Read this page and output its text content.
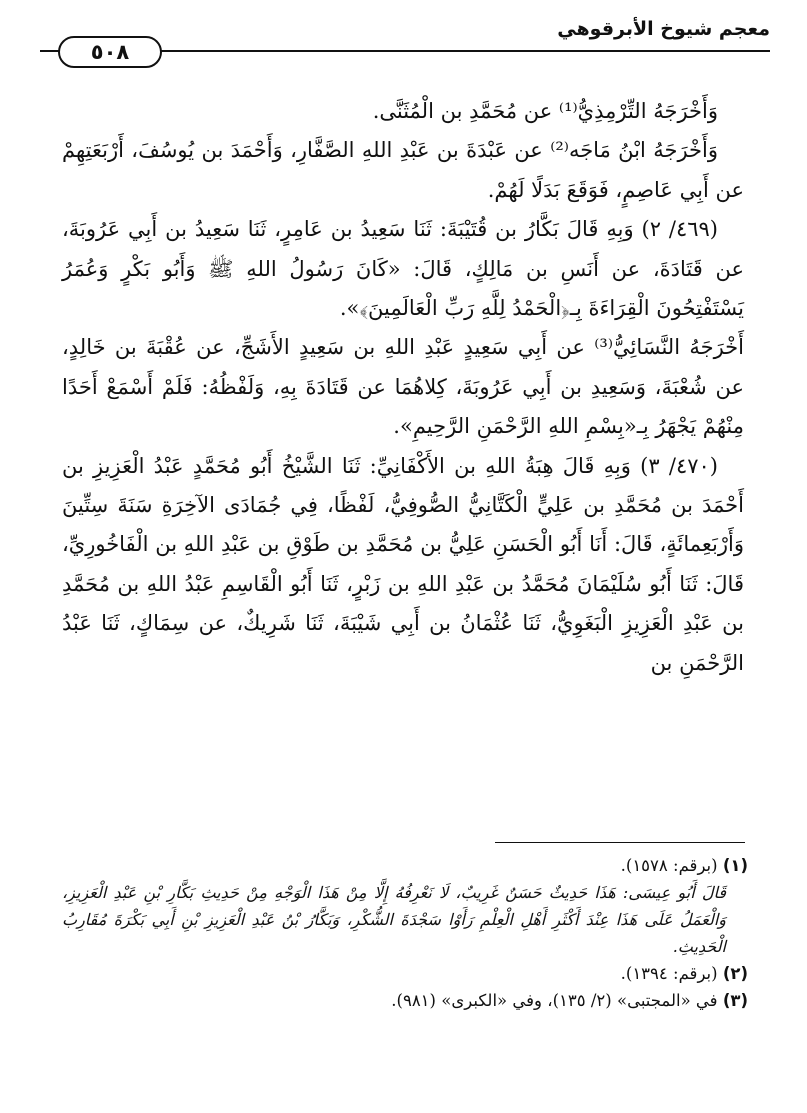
معجم شيوخ الأبرقوهي
٥٠٨

وَأَخْرَجَهُ التِّرْمِذِيُّ⁽¹⁾ عن مُحَمَّدِ بن الْمُثَنَّى.

وَأَخْرَجَهُ ابْنُ مَاجَه⁽²⁾ عن عَبْدَةَ بن عَبْدِ اللهِ الصَّفَّارِ، وَأَحْمَدَ بن يُوسُفَ، أَرْبَعَتِهِمْ عن أَبِي عَاصِمٍ، فَوَقَعَ بَدَلًا لَهُمْ.

(٤٦٩/ ٢) وَبِهِ قَالَ بَكَّارُ بن قُتَيْبَةَ: ثَنَا سَعِيدُ بن عَامِرٍ، ثَنَا سَعِيدُ بن أَبِي عَرُوبَةَ، عن قَتَادَةَ، عن أَنَسِ بن مَالِكٍ، قَالَ: «كَانَ رَسُولُ اللهِ ﷺ وَأَبُو بَكْرٍ وَعُمَرُ يَسْتَفْتِحُونَ الْقِرَاءَةَ بِـ﴿الْحَمْدُ لِلَّهِ رَبِّ الْعَالَمِينَ﴾».

أَخْرَجَهُ النَّسَائِيُّ⁽³⁾ عن أَبِي سَعِيدٍ عَبْدِ اللهِ بن سَعِيدٍ الأَشَجِّ، عن عُقْبَةَ بن خَالِدٍ، عن شُعْبَةَ، وَسَعِيدِ بن أَبِي عَرُوبَةَ، كِلاهُمَا عن قَتَادَةَ بِهِ، وَلَفْظُهُ: فَلَمْ أَسْمَعْ أَحَدًا مِنْهُمْ يَجْهَرُ بِـ«بِسْمِ اللهِ الرَّحْمَنِ الرَّحِيمِ».

(٤٧٠/ ٣) وَبِهِ قَالَ هِبَةُ اللهِ بن الأَكْفَانِيِّ: ثَنَا الشَّيْخُ أَبُو مُحَمَّدٍ عَبْدُ الْعَزِيزِ بن أَحْمَدَ بن مُحَمَّدِ بن عَلِيٍّ الْكَتَّانِيُّ الصُّوفِيُّ، لَفْظًا، فِي جُمَادَى الآخِرَةِ سَنَةَ سِتِّينَ وَأَرْبَعِمائَةٍ، قَالَ: أَنَا أَبُو الْحَسَنِ عَلِيُّ بن مُحَمَّدِ بن طَوْقِ بن عَبْدِ اللهِ بن الْفَاخُورِيِّ، قَالَ: ثَنَا أَبُو سُلَيْمَانَ مُحَمَّدُ بن عَبْدِ اللهِ بن زَبْرٍ، ثَنَا أَبُو الْقَاسِمِ عَبْدُ اللهِ بن مُحَمَّدِ بن عَبْدِ الْعَزِيزِ الْبَغَوِيُّ، ثَنَا عُثْمَانُ بن أَبِي شَيْبَةَ، ثَنَا شَرِيكٌ، عن سِمَاكٍ، ثَنَا عَبْدُ الرَّحْمَنِ بن

(١) (برقم: ١٥٧٨).

قَالَ أَبُو عِيسَى: هَذَا حَدِيثٌ حَسَنٌ غَرِيبٌ، لَا نَعْرِفُهُ إِلَّا مِنْ هَذَا الْوَجْهِ مِنْ حَدِيثِ بَكَّارِ بْنِ عَبْدِ الْعَزِيزِ، وَالْعَمَلُ عَلَى هَذَا عِنْدَ أَكْثَرِ أَهْلِ الْعِلْمِ رَأَوْا سَجْدَةَ الشُّكْرِ، وَبَكَّارُ بْنُ عَبْدِ الْعَزِيزِ بْنِ أَبِي بَكْرَةَ مُقَارِبُ الْحَدِيثِ.

(٢) (برقم: ١٣٩٤).

(٣) في «المجتبى» (٢/ ١٣٥)، وفي «الكبرى» (٩٨١).
